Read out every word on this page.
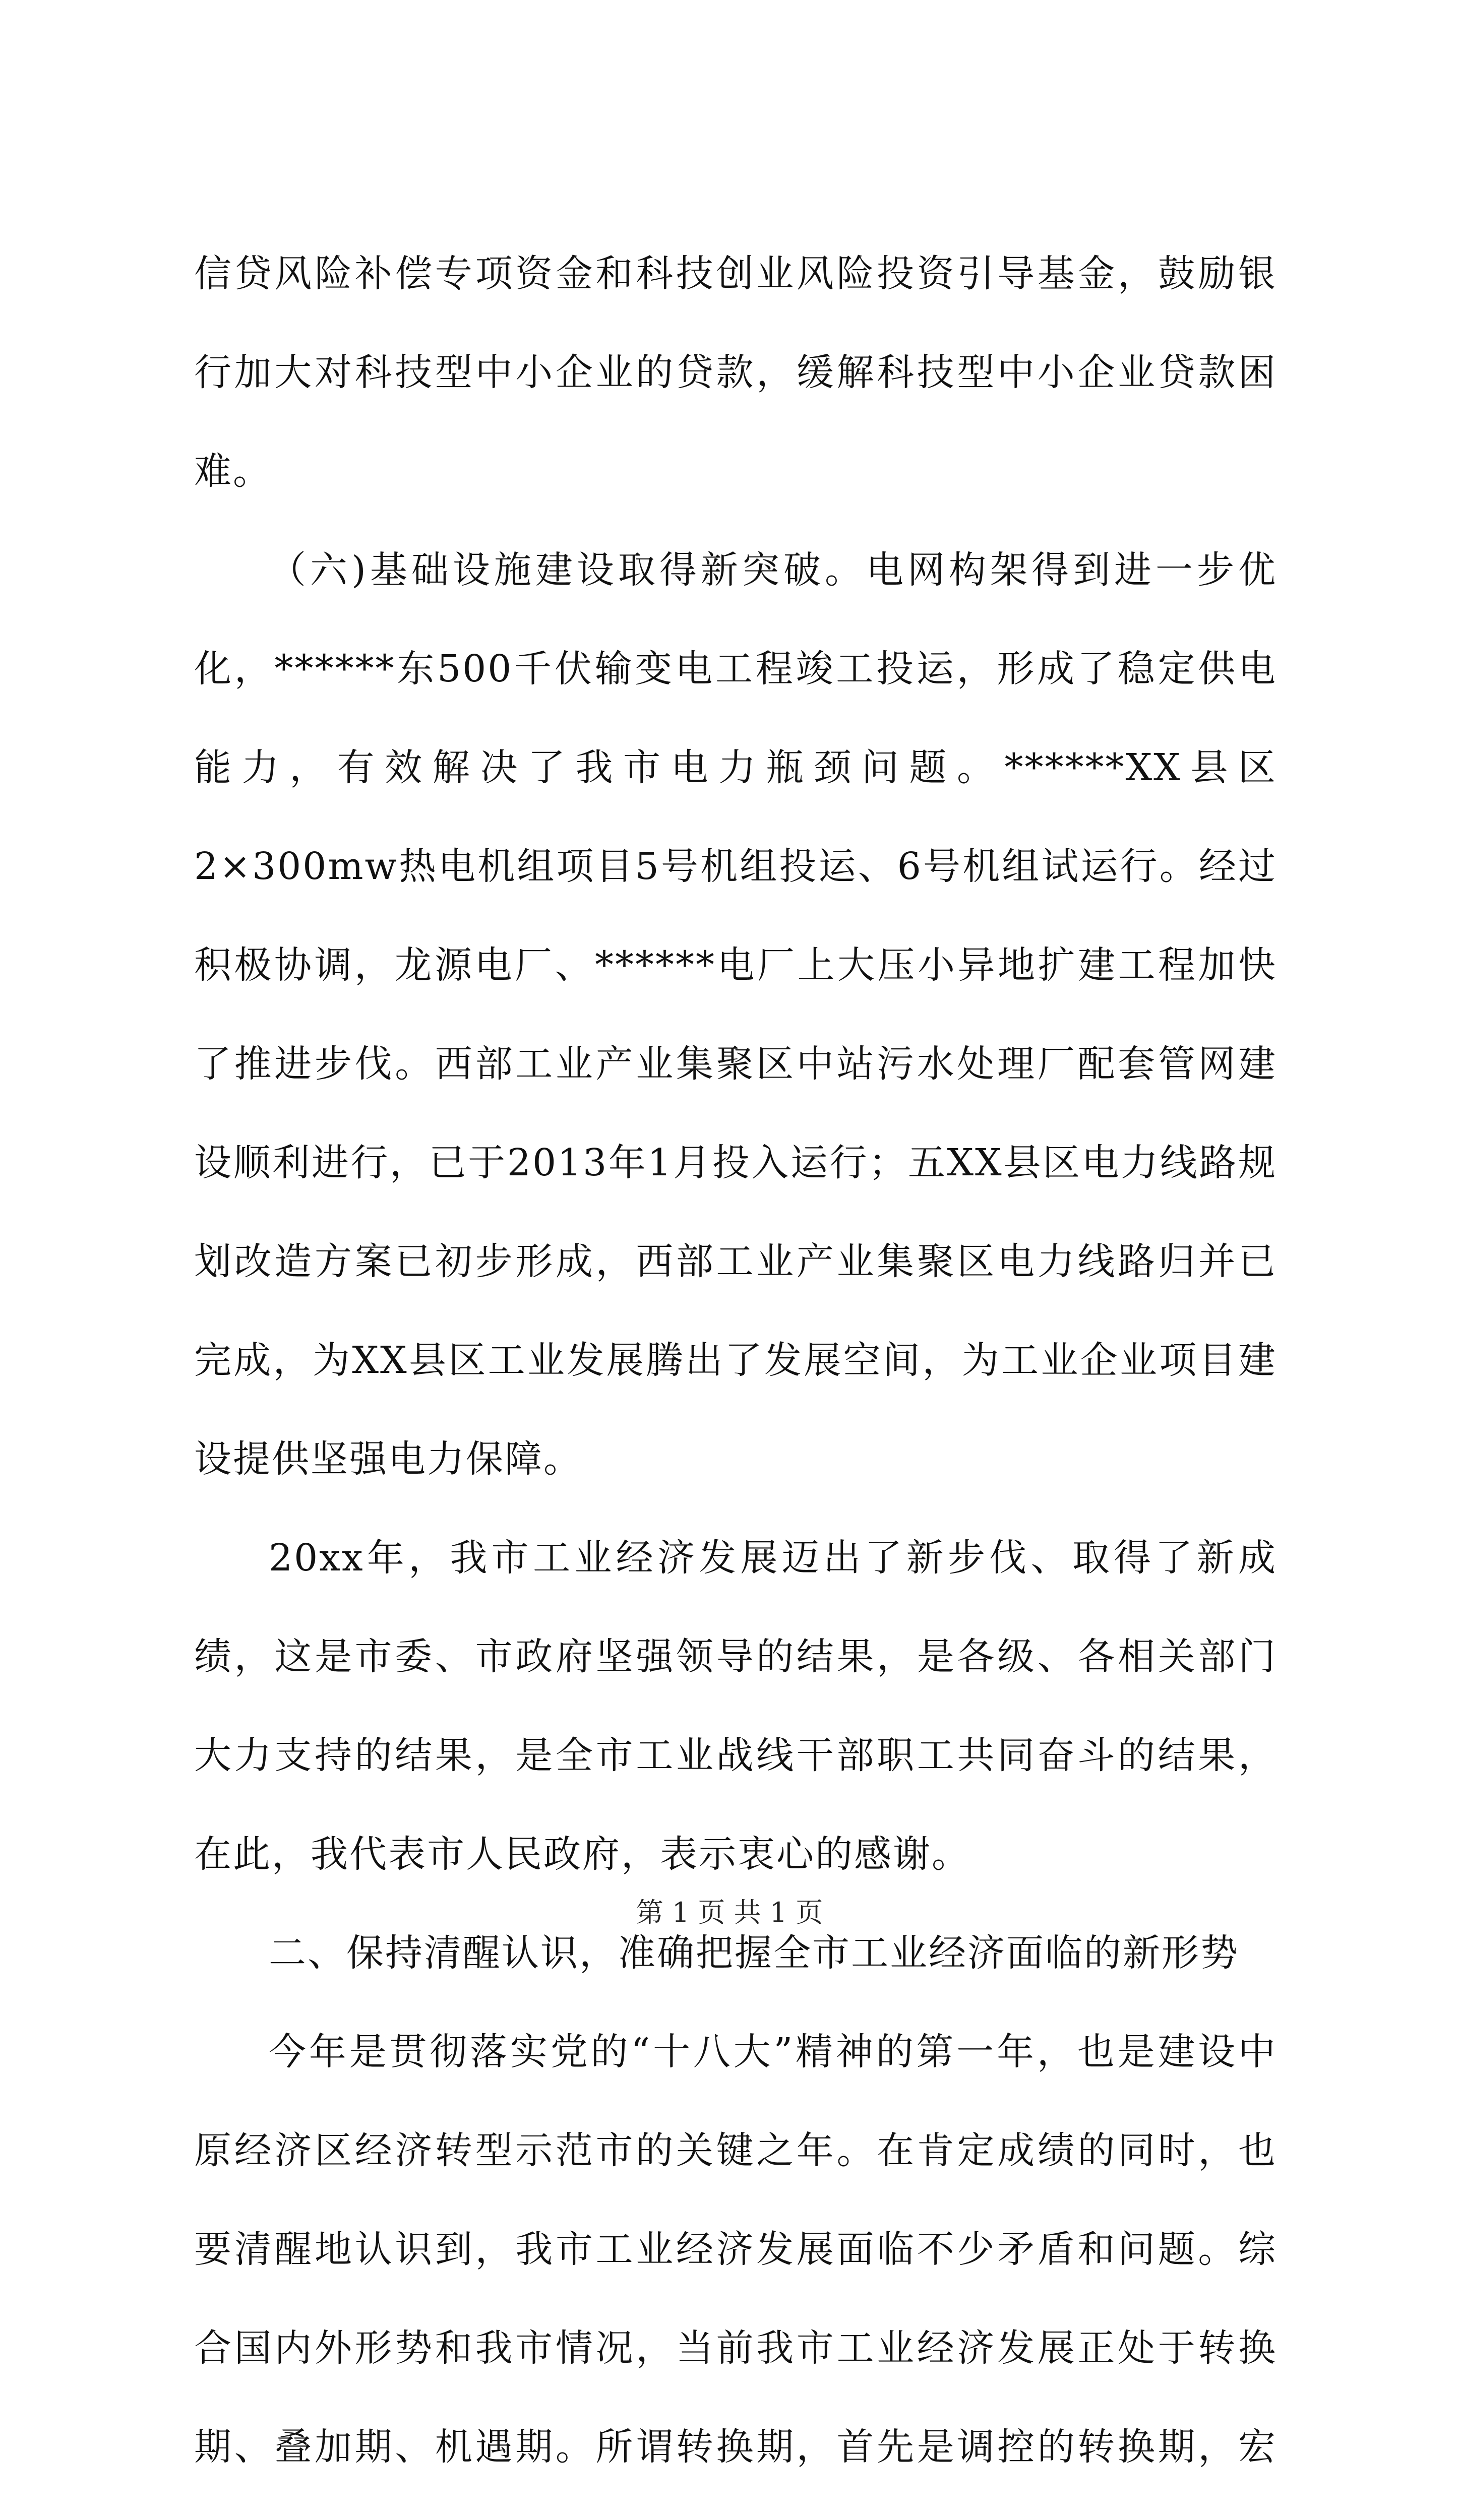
信贷风险补偿专项资金和科技创业风险投资引导基金，鼓励银行加大对科技型中小企业的贷款，缓解科技型中小企业贷款困难。

（六)基础设施建设取得新突破。电网构架得到进一步优化，******东500千伏输变电工程竣工投运，形成了稳定供电能力，有效解决了我市电力瓶颈问题。******XX县区2×300mw热电机组项目5号机组投运、6号机组试运行。经过积极协调，龙源电厂、******电厂上大压小异地扩建工程加快了推进步伐。西部工业产业集聚区中站污水处理厂配套管网建设顺利进行，已于2013年1月投入运行；五XX县区电力线路规划改造方案已初步形成，西部工业产业集聚区电力线路归并已完成，为XX县区工业发展腾出了发展空间，为工业企业项目建设提供坚强电力保障。

20xx年，我市工业经济发展迈出了新步伐、取得了新成绩，这是市委、市政府坚强领导的结果，是各级、各相关部门大力支持的结果，是全市工业战线干部职工共同奋斗的结果，在此，我代表市人民政府，表示衷心的感谢。

二、保持清醒认识，准确把握全市工业经济面临的新形势

今年是贯彻落实党的“十八大”精神的第一年，也是建设中原经济区经济转型示范市的关键之年。在肯定成绩的同时，也要清醒地认识到，我市工业经济发展面临不少矛盾和问题。综合国内外形势和我市情况，当前我市工业经济发展正处于转换期、叠加期、机遇期。所谓转换期，首先是调控的转换期，宏

第 1 页 共 1 页
